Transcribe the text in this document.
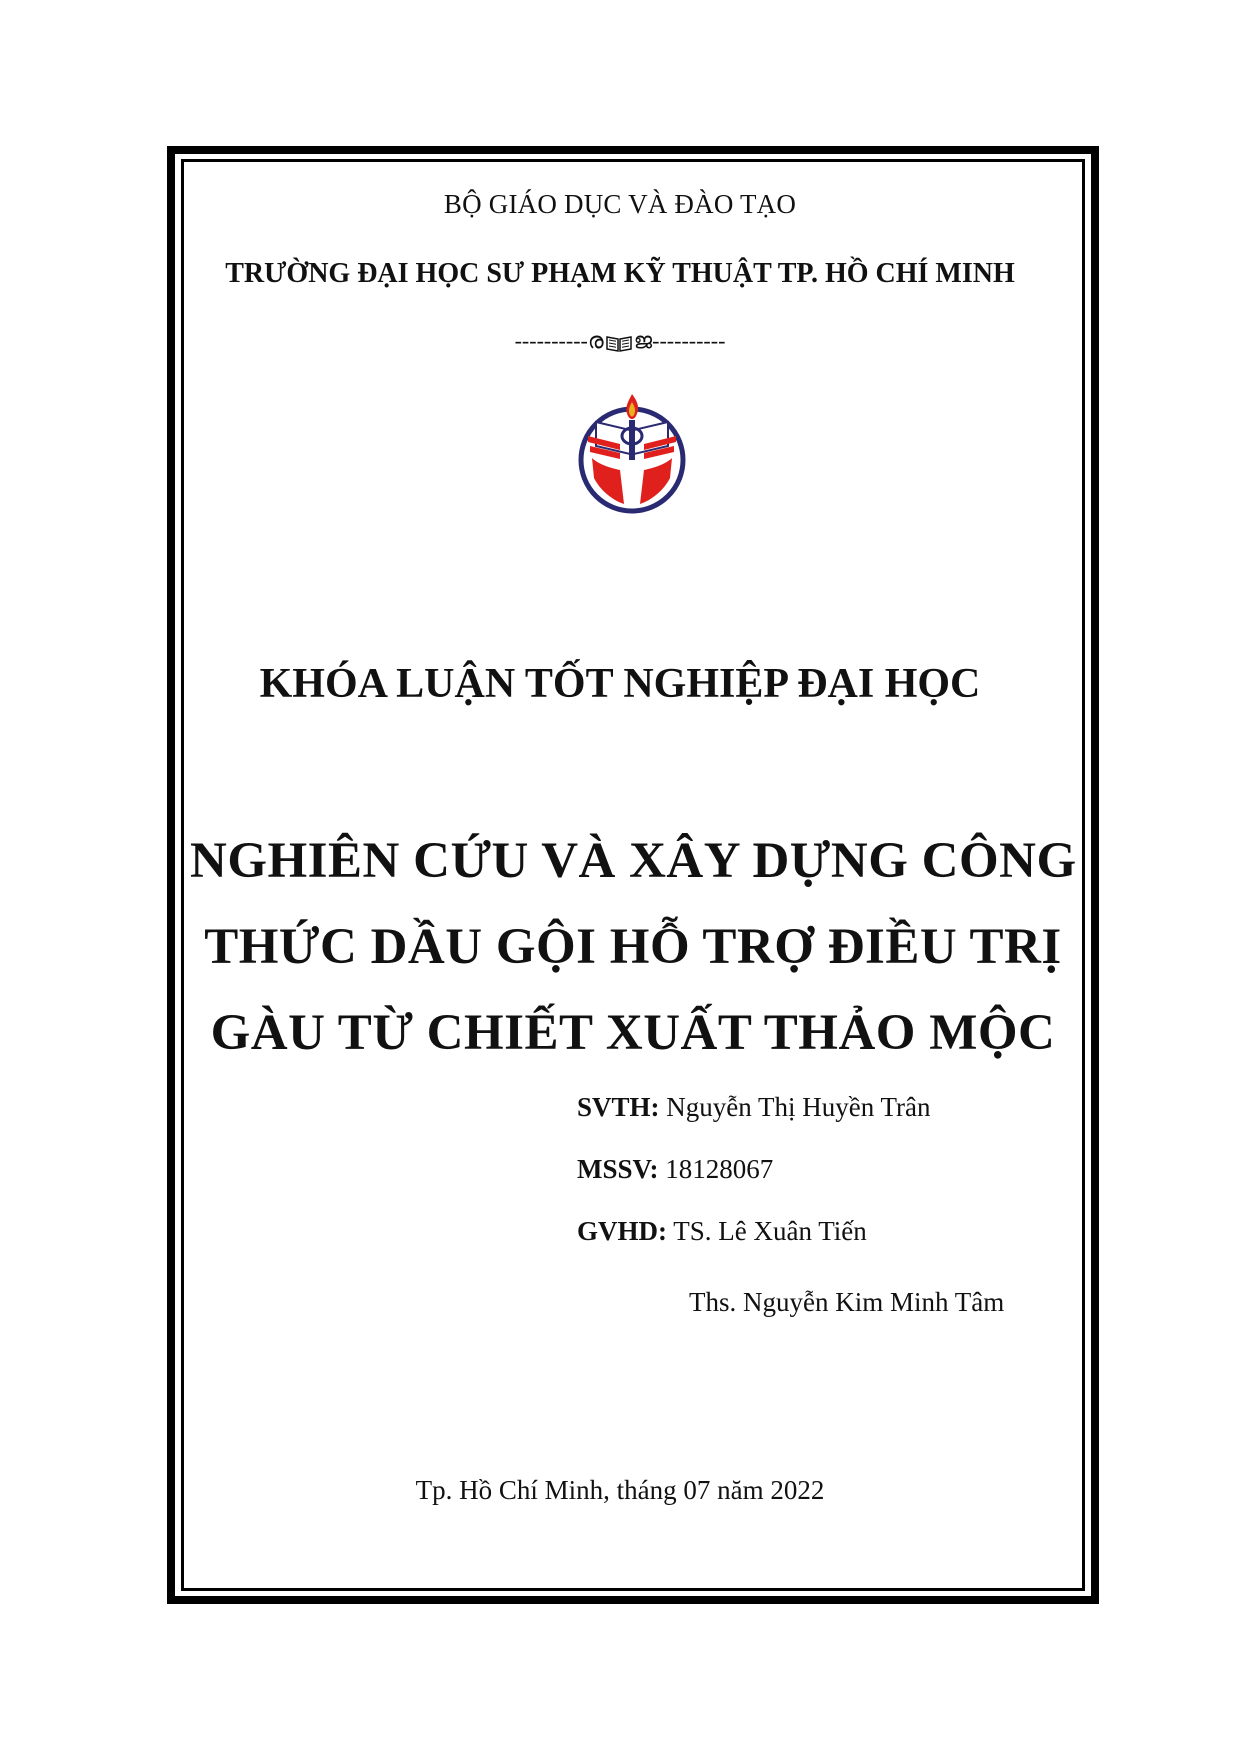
BỘ GIÁO DỤC VÀ ĐÀO TẠO
TRƯỜNG ĐẠI HỌC SƯ PHẠM KỸ THUẬT TP. HỒ CHÍ MINH
----------ര ജ----------
KHÓA LUẬN TỐT NGHIỆP ĐẠI HỌC
NGHIÊN CỨU VÀ XÂY DỰNG CÔNG
THỨC DẦU GỘI HỖ TRỢ ĐIỀU TRỊ
GÀU TỪ CHIẾT XUẤT THẢO MỘC
SVTH: Nguyễn Thị Huyền Trân
MSSV: 18128067
GVHD: TS. Lê Xuân Tiến
Ths. Nguyễn Kim Minh Tâm
Tp. Hồ Chí Minh, tháng 07 năm 2022
